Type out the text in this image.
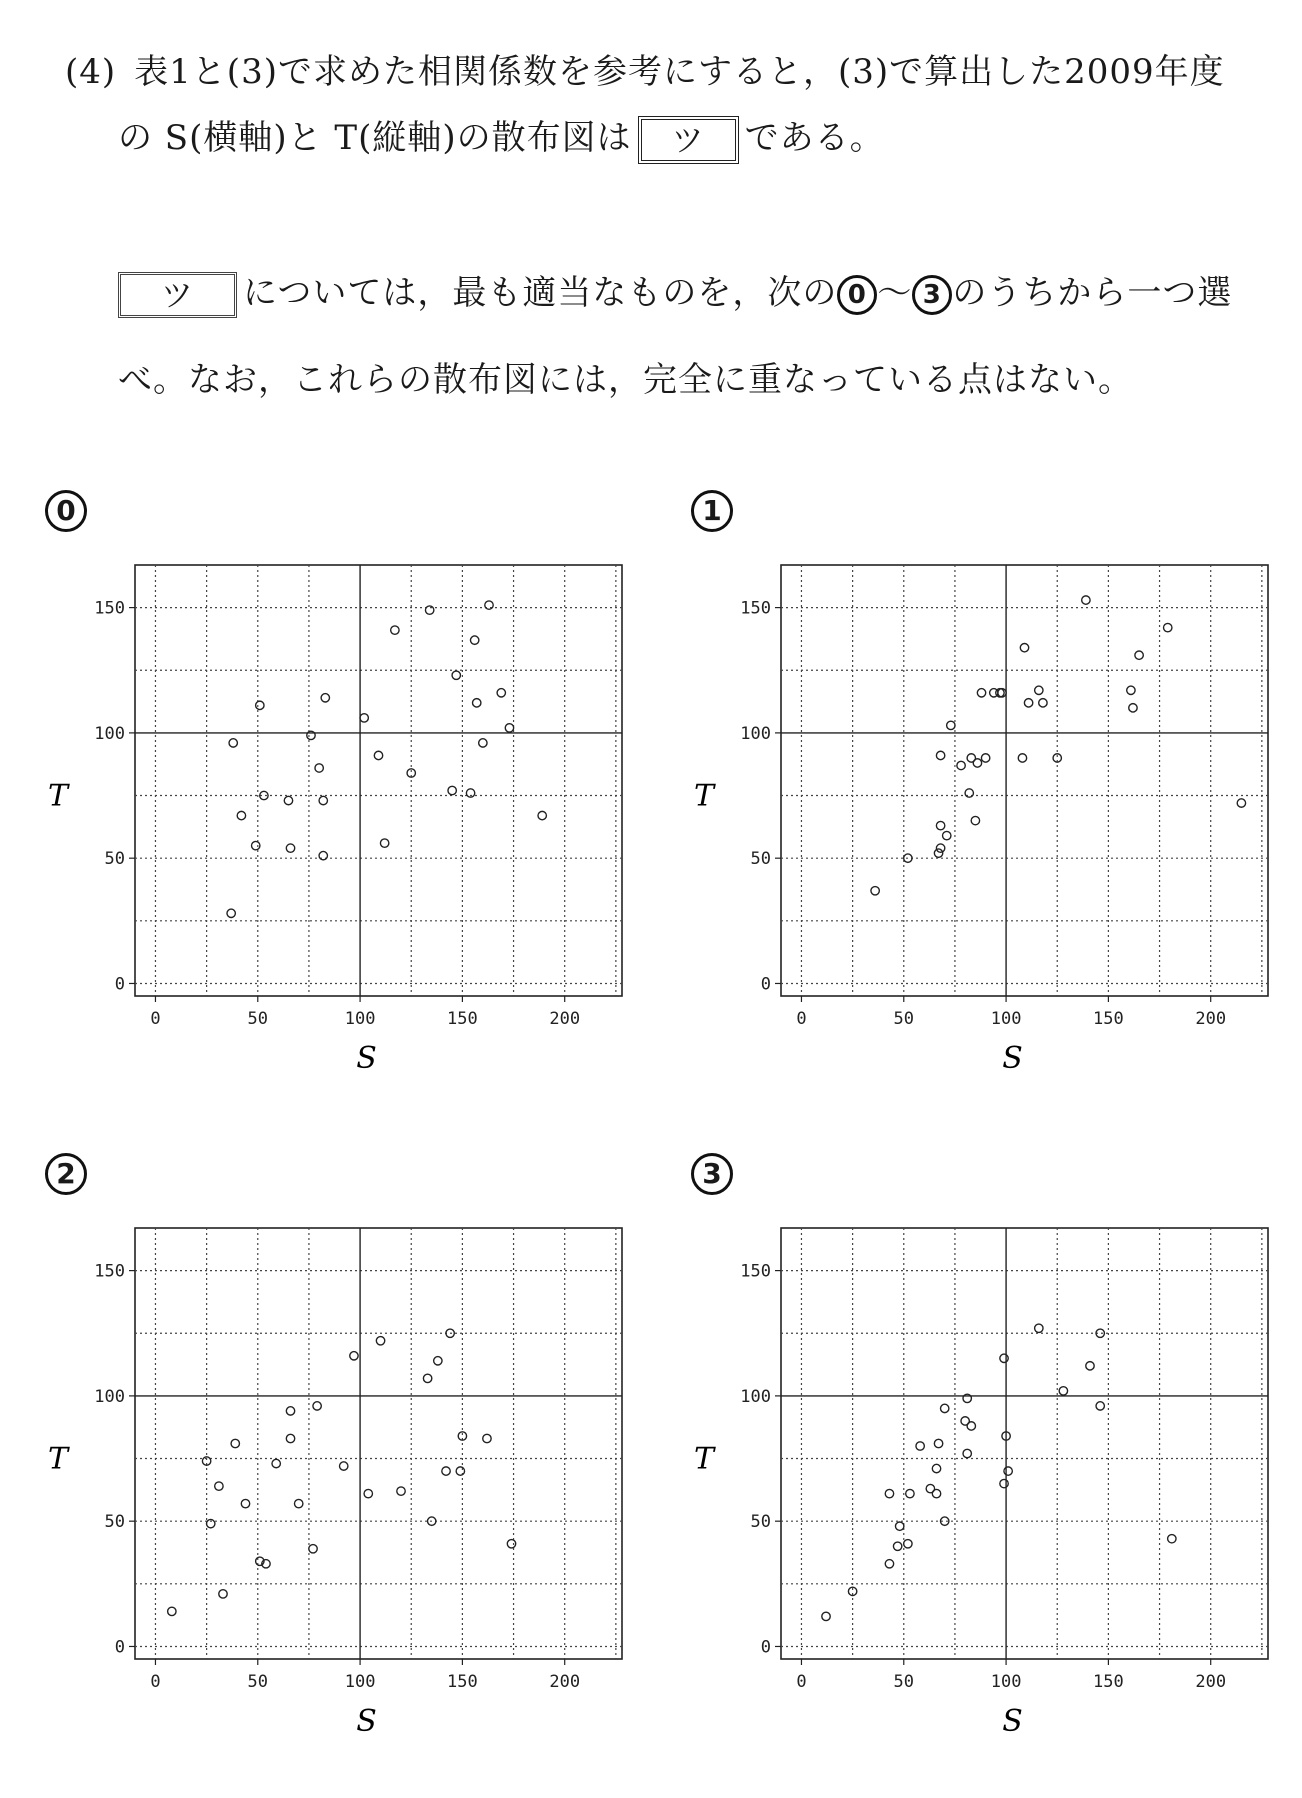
(4) 表1と(3)で求めた相関係数を参考にすると，(3)で算出した2009年度
の S(横軸)と T(縦軸)の散布図は ツ である。
ツ については，最も適当なものを，次の 0 ～ 3 のうちから一つ選
べ。なお，これらの散布図には，完全に重なっている点はない。
0	1
2	3
0	50	100	150	200
0
50
100
150
S
T
0	50	100	150	200
0
50
100
150
S
T
0	50	100	150	200
0
50
100
150
S
T
0	50	100	150	200
0
50
100
150
S
T
